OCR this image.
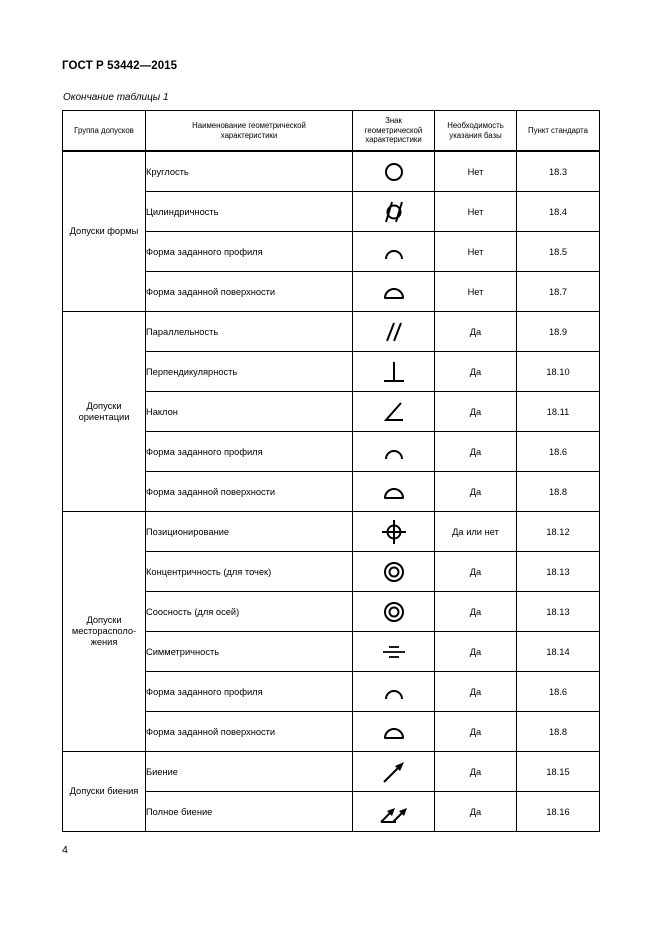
ГОСТ Р 53442—2015
Окончание таблицы 1
Группа допусков	Наименование геометрической характеристики	Знак геометрической характеристики	Необходимость указания базы	Пункт стандарта
Допуски формы	Круглость		Нет	18.3
	Цилиндричность		Нет	18.4
	Форма заданного профиля		Нет	18.5
	Форма заданной поверхности		Нет	18.7
Допуски ориентации	Параллельность		Да	18.9
	Перпендикулярность		Да	18.10
	Наклон		Да	18.11
	Форма заданного профиля		Да	18.6
	Форма заданной поверхности		Да	18.8
Допуски месторасполо-жения	Позиционирование		Да или нет	18.12
	Концентричность (для точек)		Да	18.13
	Соосность (для осей)		Да	18.13
	Симметричность		Да	18.14
	Форма заданного профиля		Да	18.6
	Форма заданной поверхности		Да	18.8
Допуски биения	Биение		Да	18.15
	Полное биение		Да	18.16
4
